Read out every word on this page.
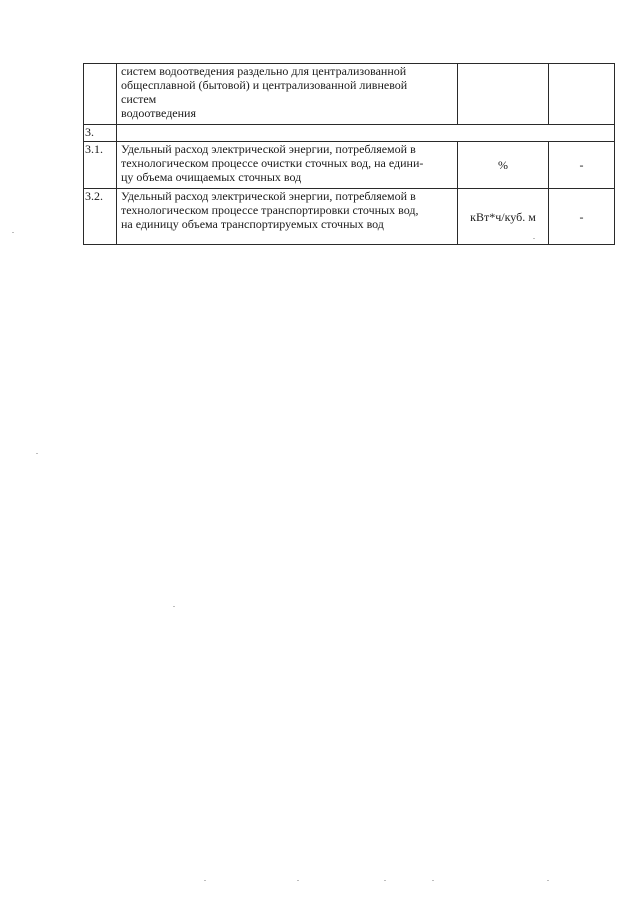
	систем водоотведения раздельно для централизованной
общесплавной (бытовой) и централизованной ливневой
систем
водоотведения		
3.			
3.1.	Удельный расход электрической энергии, потребляемой в
технологическом процессе очистки сточных вод, на едини-
цу объема очищаемых сточных вод	%	-
3.2.	Удельный расход электрической энергии, потребляемой в
технологическом процессе транспортировки сточных вод,
на единицу объема транспортируемых сточных вод	кВт*ч/куб. м	-
